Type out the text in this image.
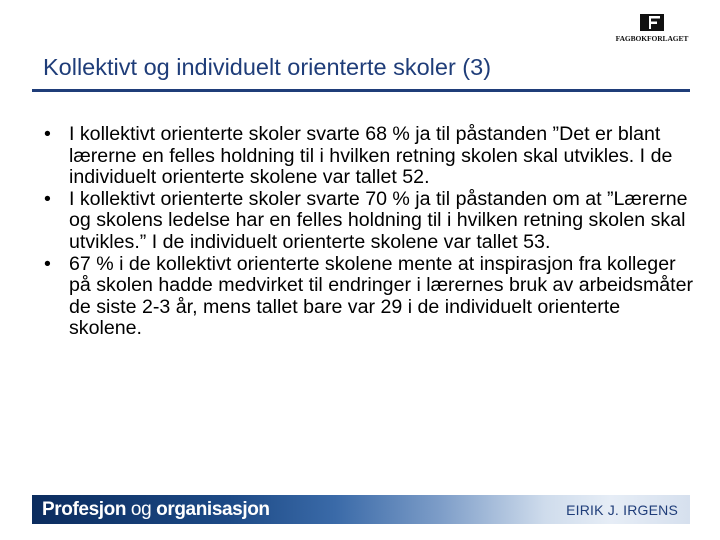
FAGBOKFORLAGET
Kollektivt og individuelt orienterte skoler (3)
• I kollektivt orienterte skoler svarte 68 % ja til påstanden ”Det er blant lærerne en felles holdning til i hvilken retning skolen skal utvikles. I de individuelt orienterte skolene var tallet 52.
• I kollektivt orienterte skoler svarte 70 % ja til påstanden om at ”Lærerne og skolens ledelse har en felles holdning til i hvilken retning skolen skal utvikles.” I de individuelt orienterte skolene var tallet 53.
• 67 % i de kollektivt orienterte skolene mente at inspirasjon fra kolleger på skolen hadde medvirket til endringer i lærernes bruk av arbeidsmåter de siste 2-3 år, mens tallet bare var 29 i de individuelt orienterte skolene.
Profesjon og organisasjon	EIRIK J. IRGENS
